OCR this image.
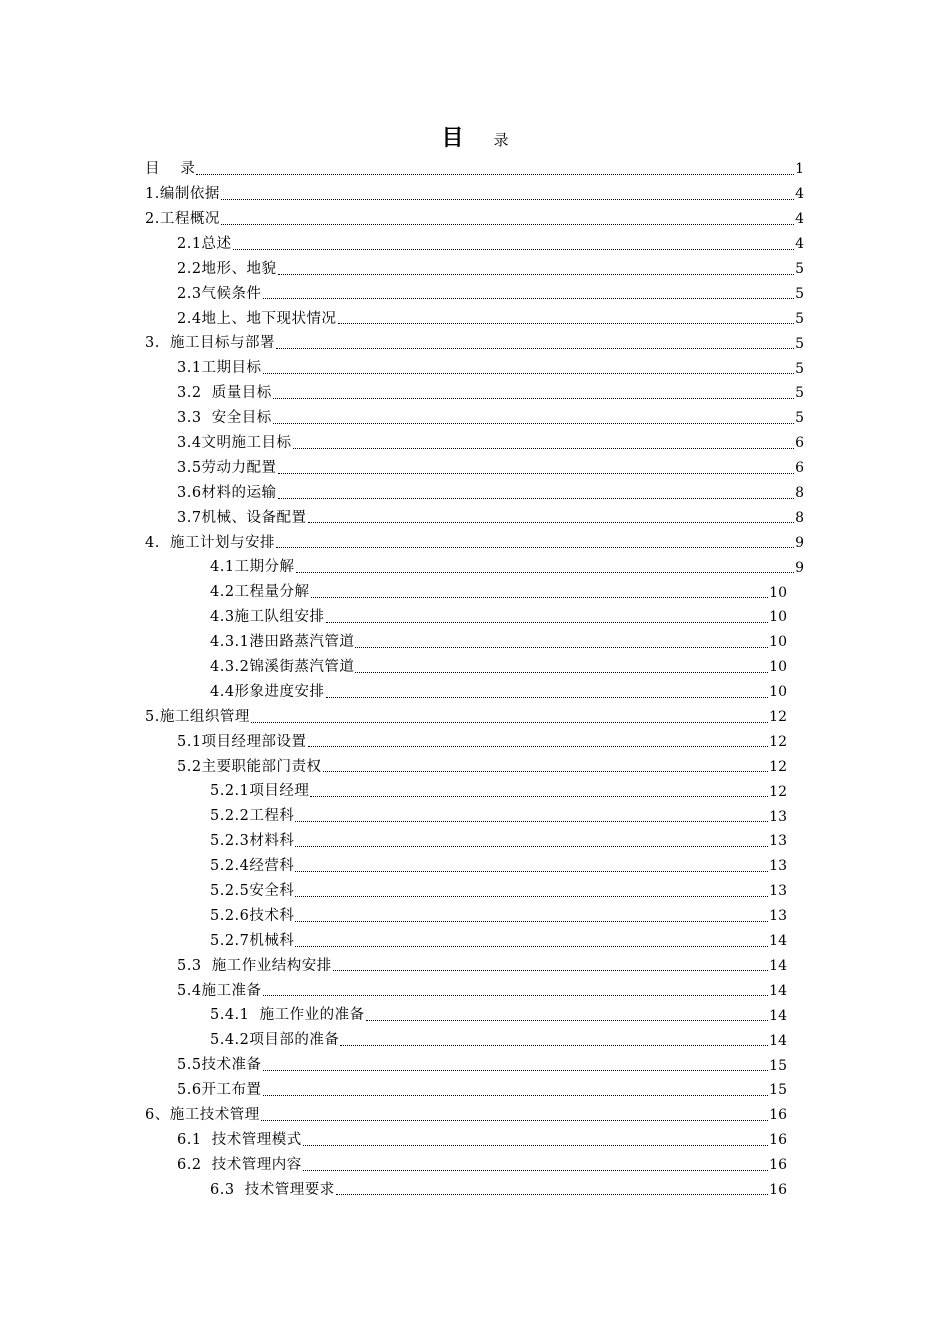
目 录
目    录	1
1.编制依据	4
2.工程概况	4
2.1总述	4
2.2地形、地貌	5
2.3气候条件	5
2.4地上、地下现状情况	5
3.  施工目标与部署	5
3.1工期目标	5
3.2  质量目标	5
3.3  安全目标	5
3.4文明施工目标	6
3.5劳动力配置	6
3.6材料的运输	8
3.7机械、设备配置	8
4.  施工计划与安排	9
4.1工期分解	9
4.2工程量分解	10
4.3施工队组安排	10
4.3.1港田路蒸汽管道	10
4.3.2锦溪街蒸汽管道	10
4.4形象进度安排	10
5.施工组织管理	12
5.1项目经理部设置	12
5.2主要职能部门责权	12
5.2.1项目经理	12
5.2.2工程科	13
5.2.3材料科	13
5.2.4经营科	13
5.2.5安全科	13
5.2.6技术科	13
5.2.7机械科	14
5.3  施工作业结构安排	14
5.4施工准备	14
5.4.1  施工作业的准备	14
5.4.2项目部的准备	14
5.5技术准备	15
5.6开工布置	15
6、施工技术管理	16
6.1  技术管理模式	16
6.2  技术管理内容	16
6.3  技术管理要求	16
